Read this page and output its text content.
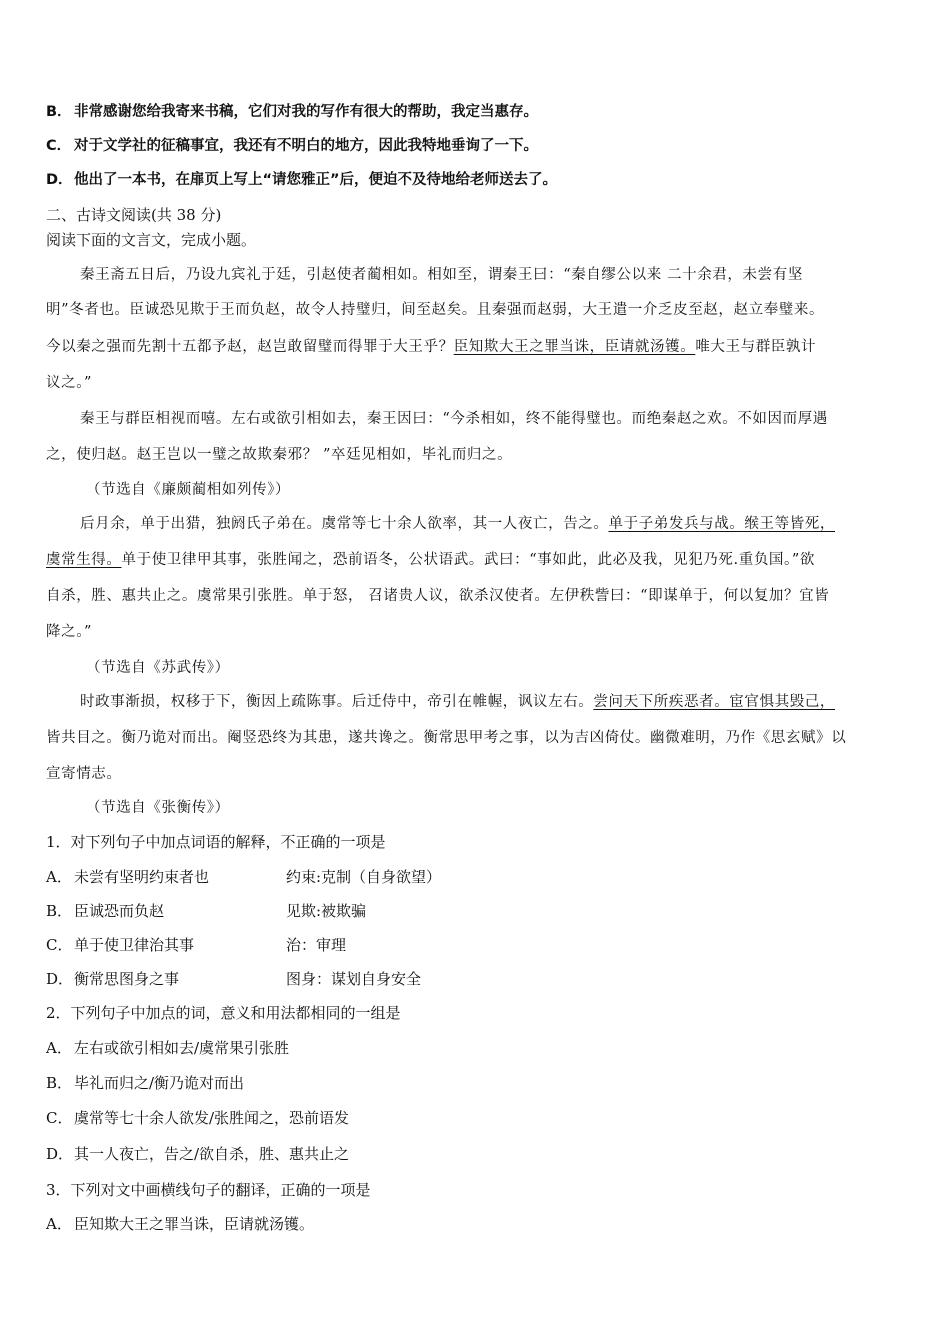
B． 非常感谢您给我寄来书稿，它们对我的写作有很大的帮助，我定当惠存。
C． 对于文学社的征稿事宜，我还有不明白的地方，因此我特地垂询了一下。
D．他出了一本书，在扉页上写上“请您雅正”后，便迫不及待地给老师送去了。
二、古诗文阅读(共 38 分)
阅读下面的文言文，完成小题。
秦王斋五日后，乃设九宾礼于廷，引赵使者蔺相如。相如至，谓秦王曰：“秦自缪公以来 二十余君，未尝有坚
明”冬者也。臣诚恐见欺于王而负赵，故令人持璧归，间至赵矣。且秦强而赵弱，大王遣一介乏皮至赵，赵立奉璧来。
今以秦之强而先割十五都予赵，赵岂敢留璧而得罪于大王乎？臣知欺大王之罪当诛，臣请就汤镬。唯大王与群臣孰计
议之。”
秦王与群臣相视而嘻。左右或欲引相如去，秦王因曰：“今杀相如，终不能得璧也。而绝秦赵之欢。不如因而厚遇
之，使归赵。赵王岂以一璧之故欺秦邪？ ”卒廷见相如，毕礼而归之。
（节选自《廉颇蔺相如列传》）
后月余，单于出猎，独阏氏子弟在。虞常等七十余人欲率，其一人夜亡，告之。单于子弟发兵与战。缑王等皆死，
虞常生得。单于使卫律甲其事，张胜闻之，恐前语冬，公状语武。武曰：“事如此，此必及我，见犯乃死.重负国。”欲
自杀，胜、惠共止之。虞常果引张胜。单于怒， 召诸贵人议，欲杀汉使者。左伊秩訾曰：“即谋单于，何以复加？宜皆
降之。”
（节选自《苏武传》）
时政事渐损，权移于下，衡因上疏陈事。后迁侍中，帝引在帷幄，讽议左右。尝问天下所疾恶者。宦官惧其毁己，
皆共目之。衡乃诡对而出。阉竖恐终为其患，遂共谗之。衡常思甲考之事，以为吉凶倚仗。幽微难明，乃作《思玄赋》以
宣寄情志。
（节选自《张衡传》）
1．对下列句子中加点词语的解释，不正确的一项是
A． 未尝有坚明约束者也	约束:克制（自身欲望）
B． 臣诚恐而负赵	见欺:被欺骗
C． 单于使卫律治其事	治：审理
D．衡常思图身之事	图身：谋划自身安全
2．下列句子中加点的词，意义和用法都相同的一组是
A． 左右或欲引相如去/虞常果引张胜
B． 毕礼而归之/衡乃诡对而出
C． 虞常等七十余人欲发/张胜闻之，恐前语发
D．其一人夜亡，告之/欲自杀，胜、惠共止之
3．下列对文中画横线句子的翻译，正确的一项是
A． 臣知欺大王之罪当诛，臣请就汤镬。
